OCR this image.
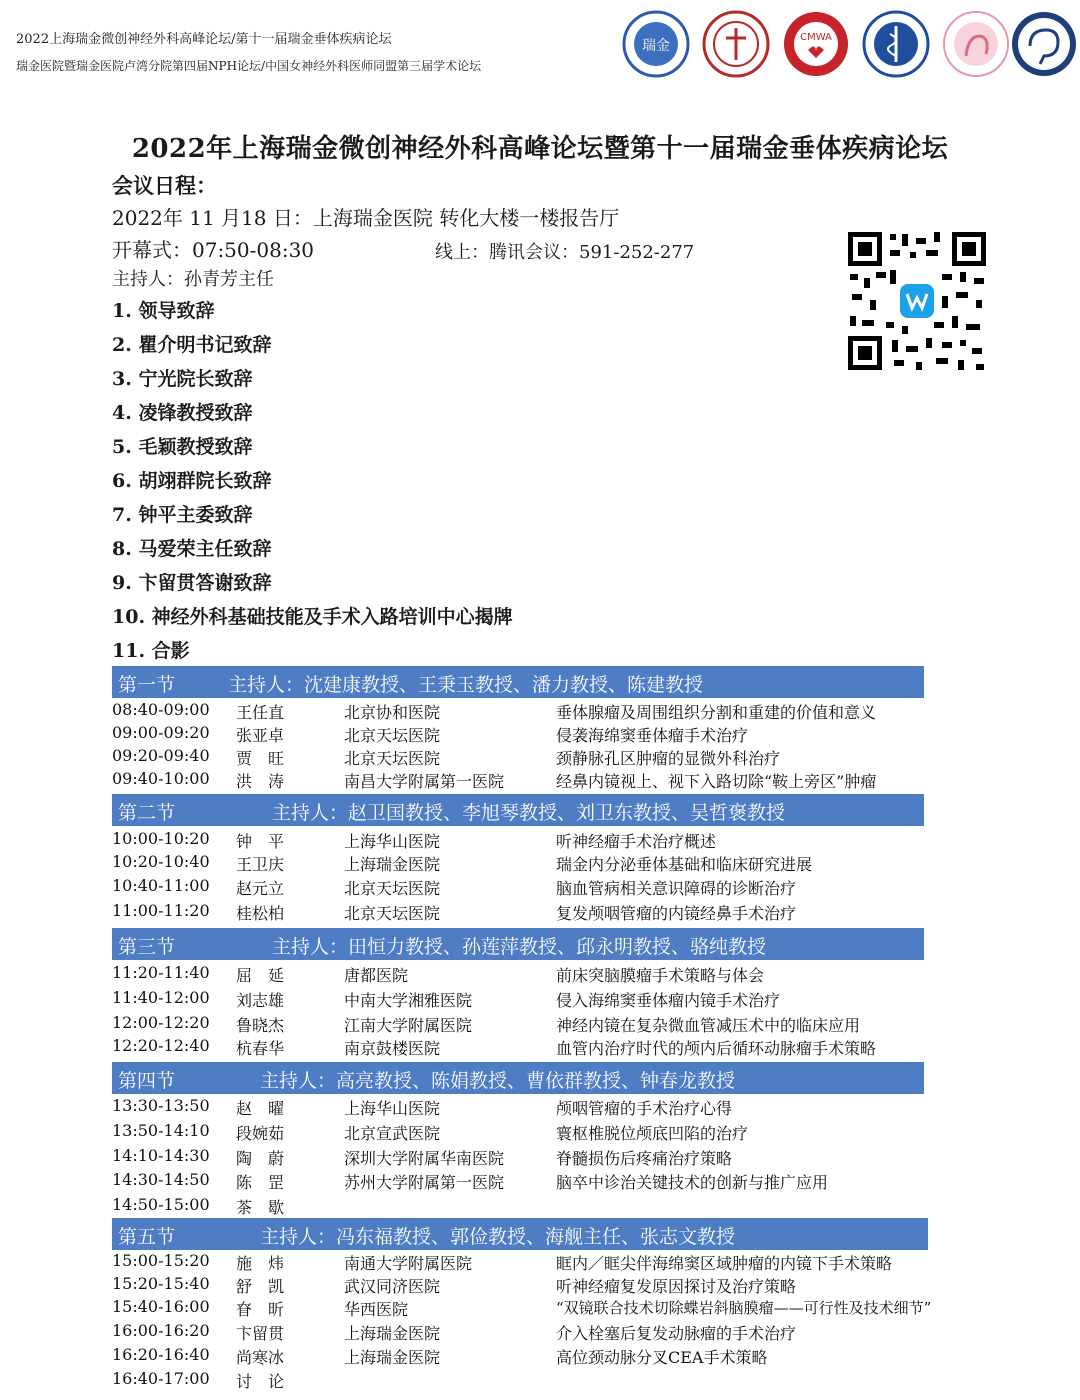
2022上海瑞金微创神经外科高峰论坛/第十一届瑞金垂体疾病论坛
瑞金医院暨瑞金医院卢湾分院第四届NPH论坛/中国女神经外科医师同盟第三届学术论坛
瑞金
CMWA
2022年上海瑞金微创神经外科高峰论坛暨第十一届瑞金垂体疾病论坛
会议日程：
2022年 11 月18 日：上海瑞金医院 转化大楼一楼报告厅
开幕式：07:50-08:30	线上：腾讯会议：591-252-277
主持人：孙青芳主任
1. 领导致辞
2. 瞿介明书记致辞
3. 宁光院长致辞
4. 凌锋教授致辞
5. 毛颖教授致辞
6. 胡翊群院长致辞
7. 钟平主委致辞
8. 马爱荣主任致辞
9. 卞留贯答谢致辞
10. 神经外科基础技能及手术入路培训中心揭牌
11. 合影
第一节	主持人：沈建康教授、王秉玉教授、潘力教授、陈建教授
08:40-09:00 王任直	北京协和医院	垂体腺瘤及周围组织分割和重建的价值和意义
09:00-09:20 张亚卓	北京天坛医院	侵袭海绵窦垂体瘤手术治疗
09:20-09:40 贾　旺	北京天坛医院	颈静脉孔区肿瘤的显微外科治疗
09:40-10:00 洪　涛	南昌大学附属第一医院	经鼻内镜视上、视下入路切除“鞍上旁区”肿瘤
第二节	主持人：赵卫国教授、李旭琴教授、刘卫东教授、吴哲褒教授
10:00-10:20 钟　平	上海华山医院	听神经瘤手术治疗概述
10:20-10:40 王卫庆	上海瑞金医院	瑞金内分泌垂体基础和临床研究进展
10:40-11:00 赵元立	北京天坛医院	脑血管病相关意识障碍的诊断治疗
11:00-11:20 桂松柏	北京天坛医院	复发颅咽管瘤的内镜经鼻手术治疗
第三节	主持人：田恒力教授、孙莲萍教授、邱永明教授、骆纯教授
11:20-11:40 屈　延	唐都医院	前床突脑膜瘤手术策略与体会
11:40-12:00 刘志雄	中南大学湘雅医院	侵入海绵窦垂体瘤内镜手术治疗
12:00-12:20 鲁晓杰	江南大学附属医院	神经内镜在复杂微血管减压术中的临床应用
12:20-12:40 杭春华	南京鼓楼医院	血管内治疗时代的颅内后循环动脉瘤手术策略
第四节	主持人：高亮教授、陈娟教授、曹依群教授、钟春龙教授
13:30-13:50 赵　曜	上海华山医院	颅咽管瘤的手术治疗心得
13:50-14:10 段婉茹	北京宣武医院	寰枢椎脱位颅底凹陷的治疗
14:10-14:30 陶　蔚	深圳大学附属华南医院	脊髓损伤后疼痛治疗策略
14:30-14:50 陈　罡	苏州大学附属第一医院	脑卒中诊治关键技术的创新与推广应用
14:50-15:00 茶　歇
第五节	主持人：冯东福教授、郭俭教授、海舰主任、张志文教授
15:00-15:20 施　炜	南通大学附属医院	眶内／眶尖伴海绵窦区域肿瘤的内镜下手术策略
15:20-15:40 舒　凯	武汉同济医院	听神经瘤复发原因探讨及治疗策略
15:40-16:00 眘　昕	华西医院	“双镜联合技术切除蝶岩斜脑膜瘤——可行性及技术细节”
16:00-16:20 卞留贯	上海瑞金医院	介入栓塞后复发动脉瘤的手术治疗
16:20-16:40 尚寒冰	上海瑞金医院	高位颈动脉分叉CEA手术策略
16:40-17:00 讨　论
